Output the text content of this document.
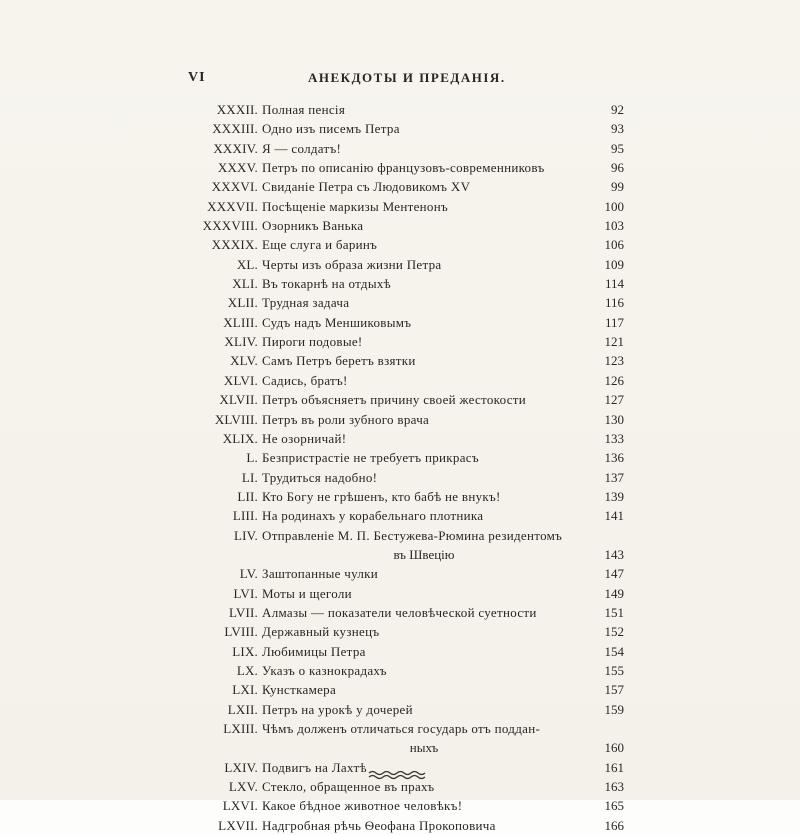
VI	АНЕКДОТЫ И ПРЕДАНІЯ.
XXXII. Полная пенсія	92
XXXIII. Одно изъ писемъ Петра	93
XXXIV. Я — солдатъ!	95
XXXV. Петръ по описанію французовъ-современниковъ	96
XXXVI. Свиданіе Петра съ Людовикомъ XV	99
XXXVII. Посѣщеніе маркизы Ментенонъ	100
XXXVIII. Озорникъ Ванька	103
XXXIX. Еще слуга и баринъ	106
XL. Черты изъ образа жизни Петра	109
XLI. Въ токарнѣ на отдыхѣ	114
XLII. Трудная задача	116
XLIII. Судъ надъ Меншиковымъ	117
XLIV. Пироги подовые!	121
XLV. Самъ Петръ беретъ взятки	123
XLVI. Садись, братъ!	126
XLVII. Петръ объясняетъ причину своей жестокости	127
XLVIII. Петръ въ роли зубного врача	130
XLIX. Не озорничай!	133
L. Безпристрастіе не требуетъ прикрасъ	136
LI. Трудиться надобно!	137
LII. Кто Богу не грѣшенъ, кто бабѣ не внукъ!	139
LIII. На родинахъ у корабельнаго плотника	141
LIV. Отправленіе М. П. Бестужева-Рюмина резидентомъ
въ Швецію	143
LV. Заштопанные чулки	147
LVI. Моты и щеголи	149
LVII. Алмазы — показатели человѣческой суетности	151
LVIII. Державный кузнецъ	152
LIX. Любимицы Петра	154
LX. Указъ о казнокрадахъ	155
LXI. Кунсткамера	157
LXII. Петръ на урокѣ у дочерей	159
LXIII. Чѣмъ долженъ отличаться государь отъ поддан-
ныхъ	160
LXIV. Подвигъ на Лахтѣ	161
LXV. Стекло, обращенное въ прахъ	163
LXVI. Какое бѣдное животное человѣкъ!	165
LXVII. Надгробная рѣчь Ѳеофана Прокоповича	166
